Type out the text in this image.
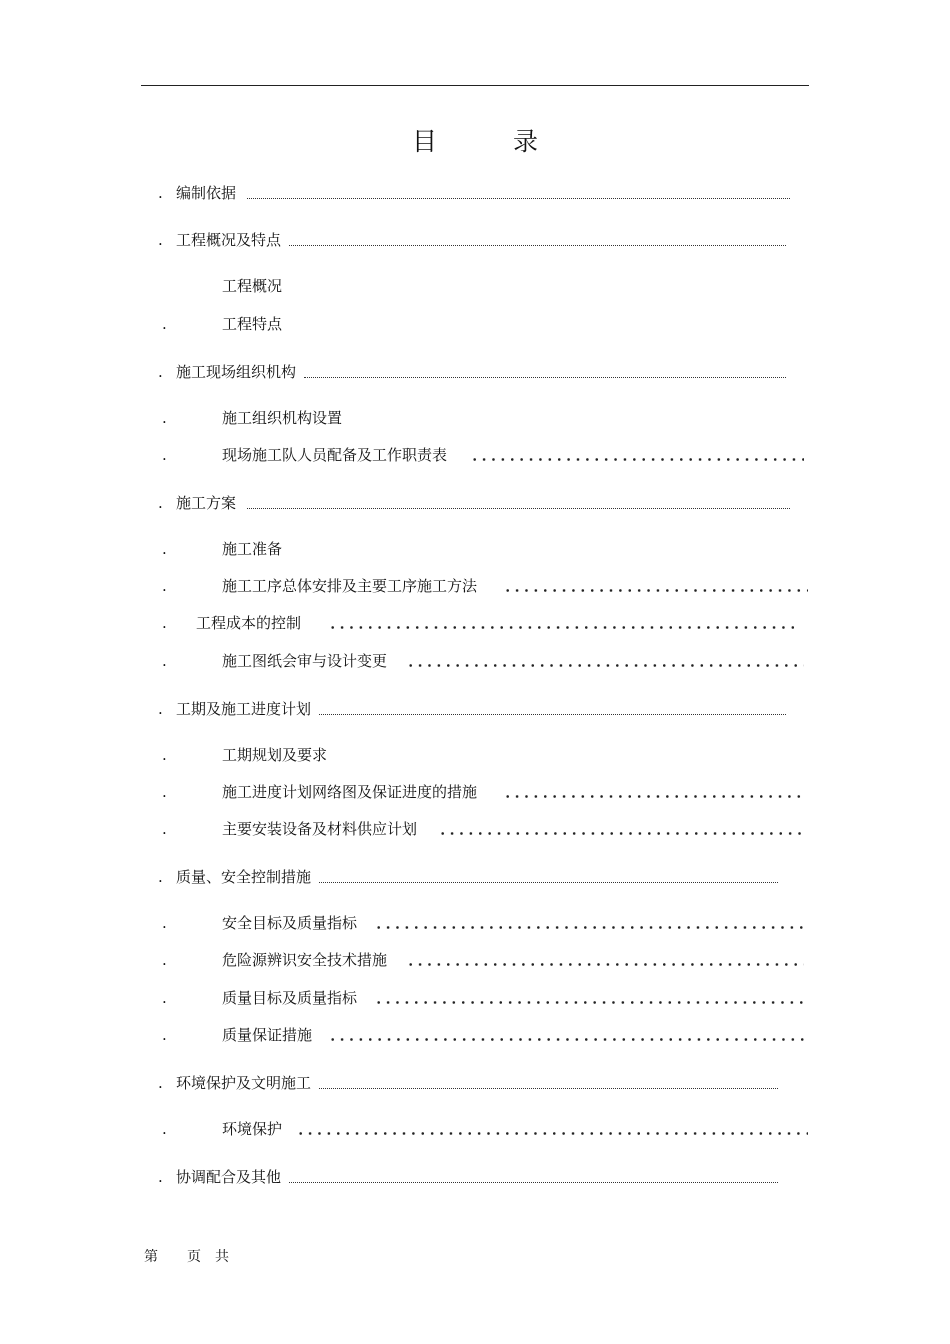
目	录
. 编制依据
. 工程概况及特点
工程概况
.	工程特点
. 施工现场组织机构
.	施工组织机构设置
.	现场施工队人员配备及工作职责表
. 施工方案
.	施工准备
.	施工工序总体安排及主要工序施工方法
. 工程成本的控制
.	施工图纸会审与设计变更
. 工期及施工进度计划
.	工期规划及要求
.	施工进度计划网络图及保证进度的措施
.	主要安装设备及材料供应计划
. 质量、安全控制措施
.	安全目标及质量指标
.	危险源辨识安全技术措施
.	质量目标及质量指标
.	质量保证措施
. 环境保护及文明施工
.	环境保护
. 协调配合及其他
第 页 共
